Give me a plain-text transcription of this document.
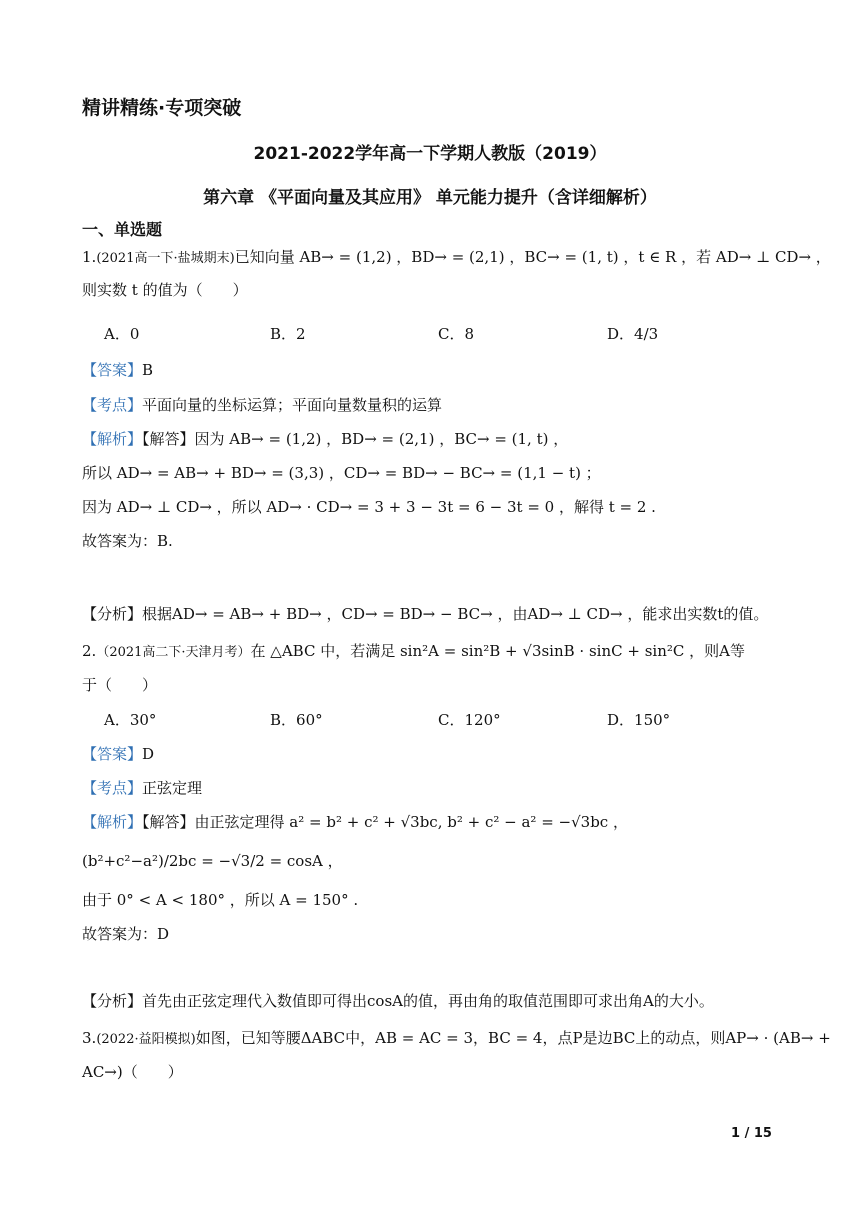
精讲精练·专项突破
2021-2022学年高一下学期人教版（2019）
第六章 《平面向量及其应用》 单元能力提升（含详细解析）
一、单选题
1.(2021高一下·盐城期末)已知向量 AB→ = (1,2) ，BD→ = (2,1) ，BC→ = (1, t) ，t ∈ R ，若 AD→ ⊥ CD→ ，
则实数 t 的值为（　　）
A．0	B．2	C．8	D．4/3
【答案】B
【考点】平面向量的坐标运算；平面向量数量积的运算
【解析】【解答】因为 AB→ = (1,2) ，BD→ = (2,1) ，BC→ = (1, t) ，
所以 AD→ = AB→ + BD→ = (3,3) ，CD→ = BD→ − BC→ = (1,1 − t) ；
因为 AD→ ⊥ CD→ ，所以 AD→ · CD→ = 3 + 3 − 3t = 6 − 3t = 0 ，解得 t = 2 .
故答案为：B.
【分析】根据AD→ = AB→ + BD→ ，CD→ = BD→ − BC→ ，由AD→ ⊥ CD→ ，能求出实数t的值。
2.（2021高二下·天津月考）在 △ABC 中，若满足 sin²A = sin²B + √3sinB · sinC + sin²C ，则A等
于（　　）
A．30°	B．60°	C．120°	D．150°
【答案】D
【考点】正弦定理
【解析】【解答】由正弦定理得 a² = b² + c² + √3bc, b² + c² − a² = −√3bc ，
(b²+c²−a²)/2bc = −√3/2 = cosA ，
由于 0° < A < 180° ，所以 A = 150° .
故答案为：D
【分析】首先由正弦定理代入数值即可得出cosA的值，再由角的取值范围即可求出角A的大小。
3.(2022·益阳模拟)如图，已知等腰ΔABC中，AB = AC = 3，BC = 4，点P是边BC上的动点，则AP→ · (AB→ +
AC→)（　　）
1 / 15
